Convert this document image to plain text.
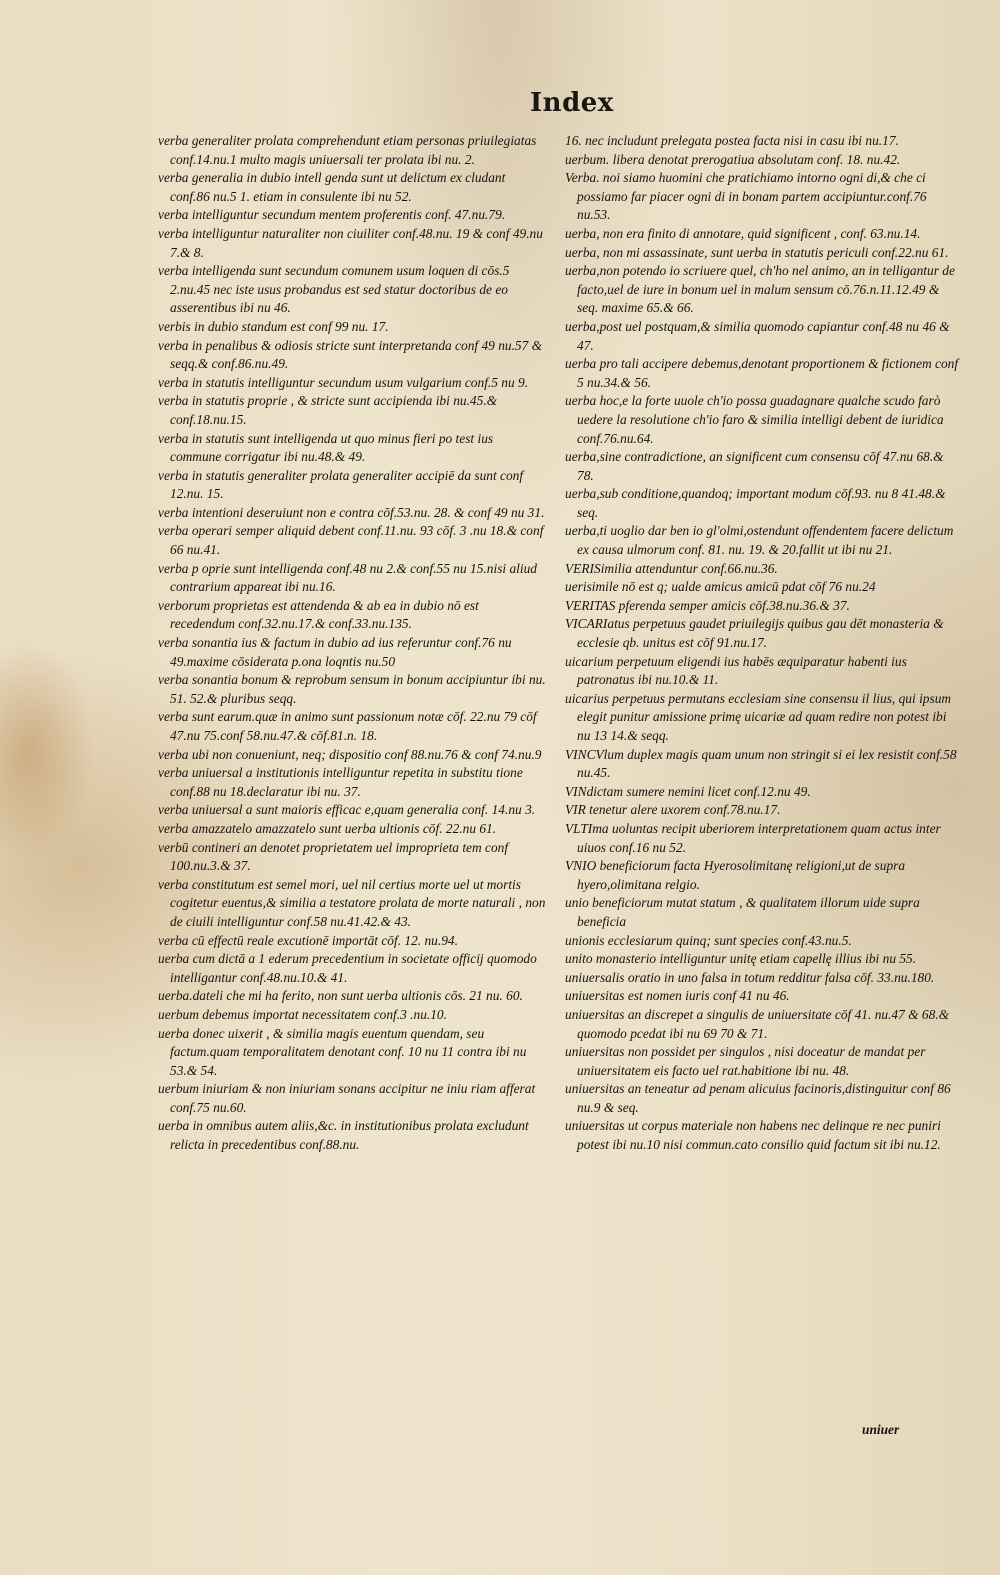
Index

verba generaliter prolata comprehendunt etiam personas priuilegiatas conf.14.nu.1 multo magis uniuersali ter prolata ibi nu. 2.

verba generalia in dubio intell genda sunt ut delictum ex cludant conf.86 nu.5 1. etiam in consulente ibi nu 52.

verba intelliguntur secundum mentem proferentis conf. 47.nu.79.

verba intelliguntur naturaliter non ciuiliter conf.48.nu. 19 & conf 49.nu 7.& 8.

verba intelligenda sunt secundum comunem usum loquen di cōs.5 2.nu.45 nec iste usus probandus est sed statur doctoribus de eo asserentibus ibi nu 46.

verbis in dubio standum est conf 99 nu. 17.

verba in penalibus & odiosis stricte sunt interpretanda conf 49 nu.57 & seqq.& conf.86.nu.49.

verba in statutis intelliguntur secundum usum vulgarium conf.5 nu 9.

verba in statutis proprie , & stricte sunt accipienda ibi nu.45.& conf.18.nu.15.

verba in statutis sunt intelligenda ut quo minus fieri po test ius commune corrigatur ibi nu.48.& 49.

verba in statutis generaliter prolata generaliter accipiē da sunt conf 12.nu. 15.

verba intentioni deseruiunt non e contra cōf.53.nu. 28. & conf 49 nu 31.

verba operari semper aliquid debent conf.11.nu. 93 cōf. 3 .nu 18.& conf 66 nu.41.

verba p oprie sunt intelligenda conf.48 nu 2.& conf.55 nu 15.nisi aliud contrarium appareat ibi nu.16.

verborum proprietas est attendenda & ab ea in dubio nō est recedendum conf.32.nu.17.& conf.33.nu.135.

verba sonantia ius & factum in dubio ad ius referuntur conf.76 nu 49.maxime cōsiderata p.ona loqntis nu.50

verba sonantia bonum & reprobum sensum in bonum accipiuntur ibi nu. 51. 52.& pluribus seqq.

verba sunt earum.quæ in animo sunt passionum notæ cōf. 22.nu 79 cōf 47.nu 75.conf 58.nu.47.& cōf.81.n. 18.

verba ubi non conueniunt, neq; dispositio conf 88.nu.76 & conf 74.nu.9

verba uniuersal a institutionis intelliguntur repetita in substitu tione conf.88 nu 18.declaratur ibi nu. 37.

verba uniuersal a sunt maioris efficac e,quam generalia conf. 14.nu 3.

verba amazzatelo amazzatelo sunt uerba ultionis cōf. 22.nu 61.

verbū contineri an denotet proprietatem uel improprieta tem conf 100.nu.3.& 37.

verba constitutum est semel mori, uel nil certius morte uel ut mortis cogitetur euentus,& similia a testatore prolata de morte naturali , non de ciuili intelliguntur conf.58 nu.41.42.& 43.

verba cū effectū reale excutionē importāt cōf. 12. nu.94.

uerba cum dictā a 1 ederum precedentium in societate officij quomodo intelligantur conf.48.nu.10.& 41.

uerba.dateli che mi ha ferito, non sunt uerba ultionis cōs. 21 nu. 60.

uerbum debemus importat necessitatem conf.3 .nu.10.

uerba donec uixerit , & similia magis euentum quendam, seu factum.quam temporalitatem denotant conf. 10 nu 11 contra ibi nu 53.& 54.

uerbum iniuriam & non iniuriam sonans accipitur ne iniu riam afferat conf.75 nu.60.

uerba in omnibus autem aliis,&c. in institutionibus prolata excludunt relicta in precedentibus conf.88.nu.

16. nec includunt prelegata postea facta nisi in casu ibi nu.17.

uerbum. libera denotat prerogatiua absolutam conf. 18. nu.42.

Verba. noi siamo huomini che pratichiamo intorno ogni di,& che ci possiamo far piacer ogni di in bonam partem accipiuntur.conf.76 nu.53.

uerba, non era finito di annotare, quid significent , conf. 63.nu.14.

uerba, non mi assassinate, sunt uerba in statutis periculi conf.22.nu 61.

uerba,non potendo io scriuere quel, ch'ho nel animo, an in telligantur de facto,uel de iure in bonum uel in malum sensum cō.76.n.11.12.49 & seq. maxime 65.& 66.

uerba,post uel postquam,& similia quomodo capiantur conf.48 nu 46 & 47.

uerba pro tali accipere debemus,denotant proportionem & fictionem conf 5 nu.34.& 56.

uerba hoc,e la forte uuole ch'io possa guadagnare qualche scudo farò uedere la resolutione ch'io faro & similia intelligi debent de iuridica conf.76.nu.64.

uerba,sine contradictione, an significent cum consensu cōf 47.nu 68.& 78.

uerba,sub conditione,quandoq; important modum cōf.93. nu 8 41.48.& seq.

uerba,ti uoglio dar ben io gl'olmi,ostendunt offendentem facere delictum ex causa ulmorum conf. 81. nu. 19. & 20.fallit ut ibi nu 21.

VERISimilia attenduntur conf.66.nu.36.

uerisimile nō est q; ualde amicus amicū pdat cōf 76 nu.24

VERITAS pferenda semper amicis cōf.38.nu.36.& 37.

VICARIatus perpetuus gaudet priuilegijs quibus gau dēt monasteria & ecclesie qb. unitus est cōf 91.nu.17.

uicarium perpetuum eligendi ius habēs æquiparatur habenti ius patronatus ibi nu.10.& 11.

uicarius perpetuus permutans ecclesiam sine consensu il lius, qui ipsum elegit punitur amissione primę uicariæ ad quam redire non potest ibi nu 13 14.& seqq.

VINCVlum duplex magis quam unum non stringit si ei lex resistit conf.58 nu.45.

VINdictam sumere nemini licet conf.12.nu 49.

VIR tenetur alere uxorem conf.78.nu.17.

VLTIma uoluntas recipit uberiorem interpretationem quam actus inter uiuos conf.16 nu 52.

VNIO beneficiorum facta Hyerosolimitanę religioni,ut de supra hyero,olimitana relgio.

unio beneficiorum mutat statum , & qualitatem illorum uide supra beneficia

unionis ecclesiarum quinq; sunt species conf.43.nu.5.

unito monasterio intelliguntur unitę etiam capellę illius ibi nu 55.

uniuersalis oratio in uno falsa in totum redditur falsa cōf. 33.nu.180.

uniuersitas est nomen iuris conf 41 nu 46.

uniuersitas an discrepet a singulis de uniuersitate cōf 41. nu.47 & 68.& quomodo pcedat ibi nu 69 70 & 71.

uniuersitas non possidet per singulos , nisi doceatur de mandat per uniuersitatem eis facto uel rat.habitione ibi nu. 48.

uniuersitas an teneatur ad penam alicuius facinoris,distinguitur conf 86 nu.9 & seq.

uniuersitas ut corpus materiale non habens nec delinque re nec puniri potest ibi nu.10 nisi commun.cato consilio quid factum sit ibi nu.12.

uniuer
